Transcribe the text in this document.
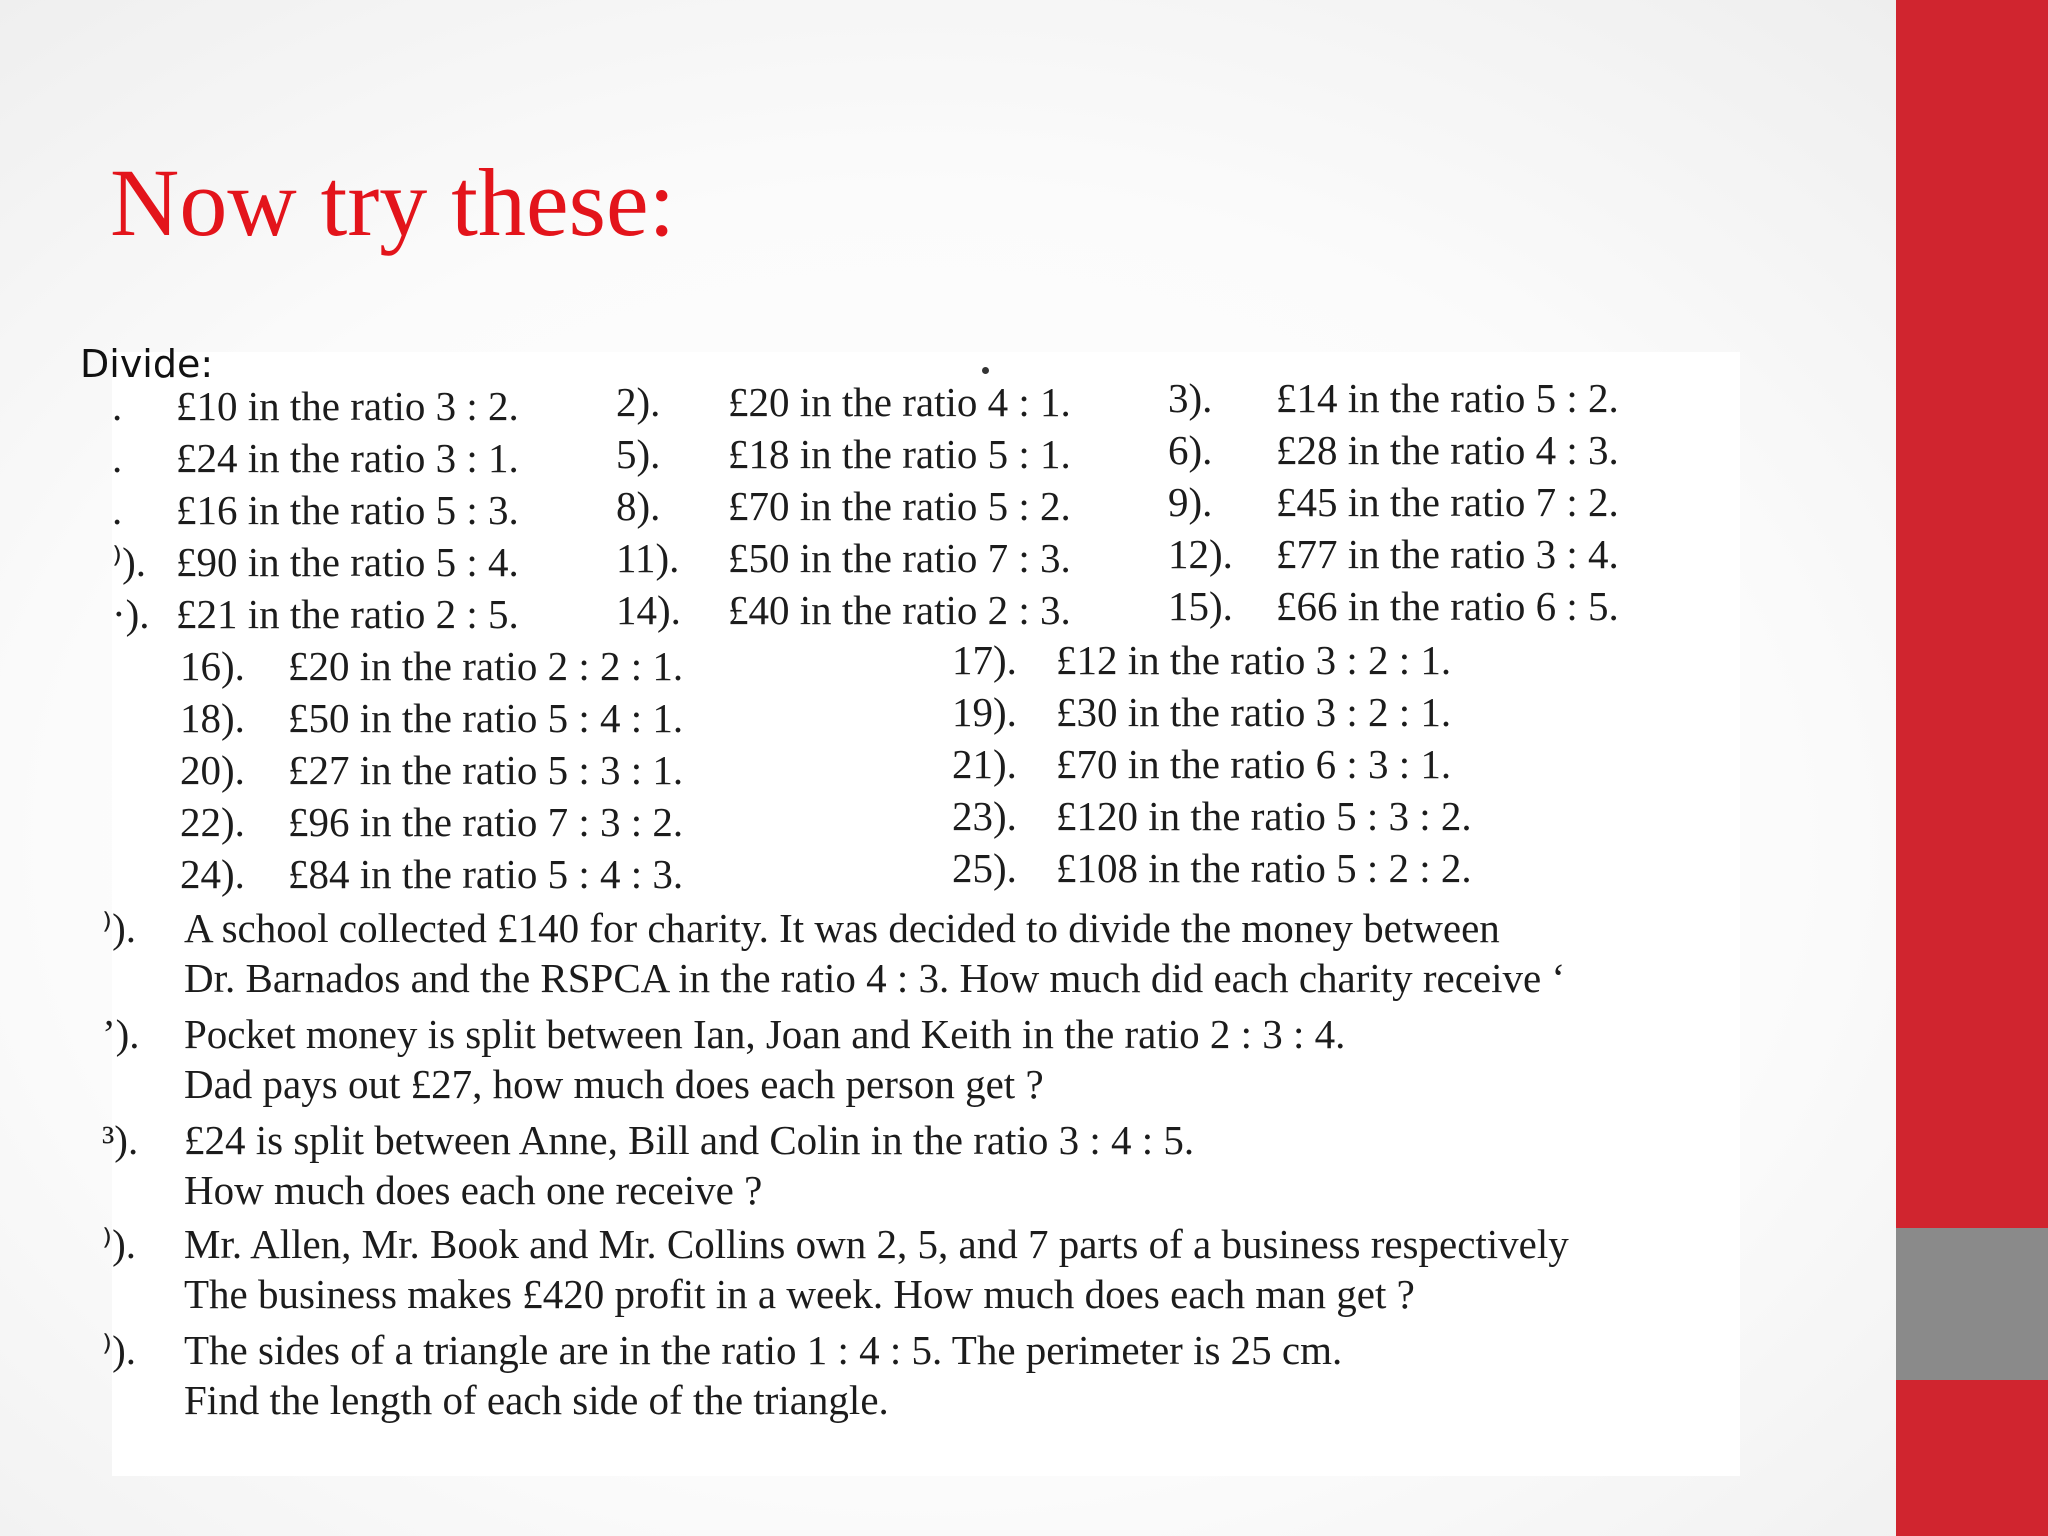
Now try these:
. £10 in the ratio 3 : 2. 2). £20 in the ratio 4 : 1. 3). £14 in the ratio 5 : 2.
. £24 in the ratio 3 : 1. 5). £18 in the ratio 5 : 1. 6). £28 in the ratio 4 : 3.
. £16 in the ratio 5 : 3. 8). £70 in the ratio 5 : 2. 9). £45 in the ratio 7 : 2.
⁾). £90 in the ratio 5 : 4. 11). £50 in the ratio 7 : 3. 12). £77 in the ratio 3 : 4.
·). £21 in the ratio 2 : 5. 14). £40 in the ratio 2 : 3. 15). £66 in the ratio 6 : 5.
16). £20 in the ratio 2 : 2 : 1.	17). £12 in the ratio 3 : 2 : 1.
18). £50 in the ratio 5 : 4 : 1.	19). £30 in the ratio 3 : 2 : 1.
20). £27 in the ratio 5 : 3 : 1.	21). £70 in the ratio 6 : 3 : 1.
22). £96 in the ratio 7 : 3 : 2.	23). £120 in the ratio 5 : 3 : 2.
24). £84 in the ratio 5 : 4 : 3.	25). £108 in the ratio 5 : 2 : 2.
⁾). A school collected £140 for charity. It was decided to divide the money between
Dr. Barnados and the RSPCA in the ratio 4 : 3. How much did each charity receive ‘
’). Pocket money is split between Ian, Joan and Keith in the ratio 2 : 3 : 4.
Dad pays out £27, how much does each person get ?
³). £24 is split between Anne, Bill and Colin in the ratio 3 : 4 : 5.
How much does each one receive ?
⁾). Mr. Allen, Mr. Book and Mr. Collins own 2, 5, and 7 parts of a business respectivelу
The business makes £420 profit in a week. How much does each man get ?
⁾). The sides of a triangle are in the ratio 1 : 4 : 5. The perimeter is 25 cm.
Find the length of each side of the triangle.
Divide:
